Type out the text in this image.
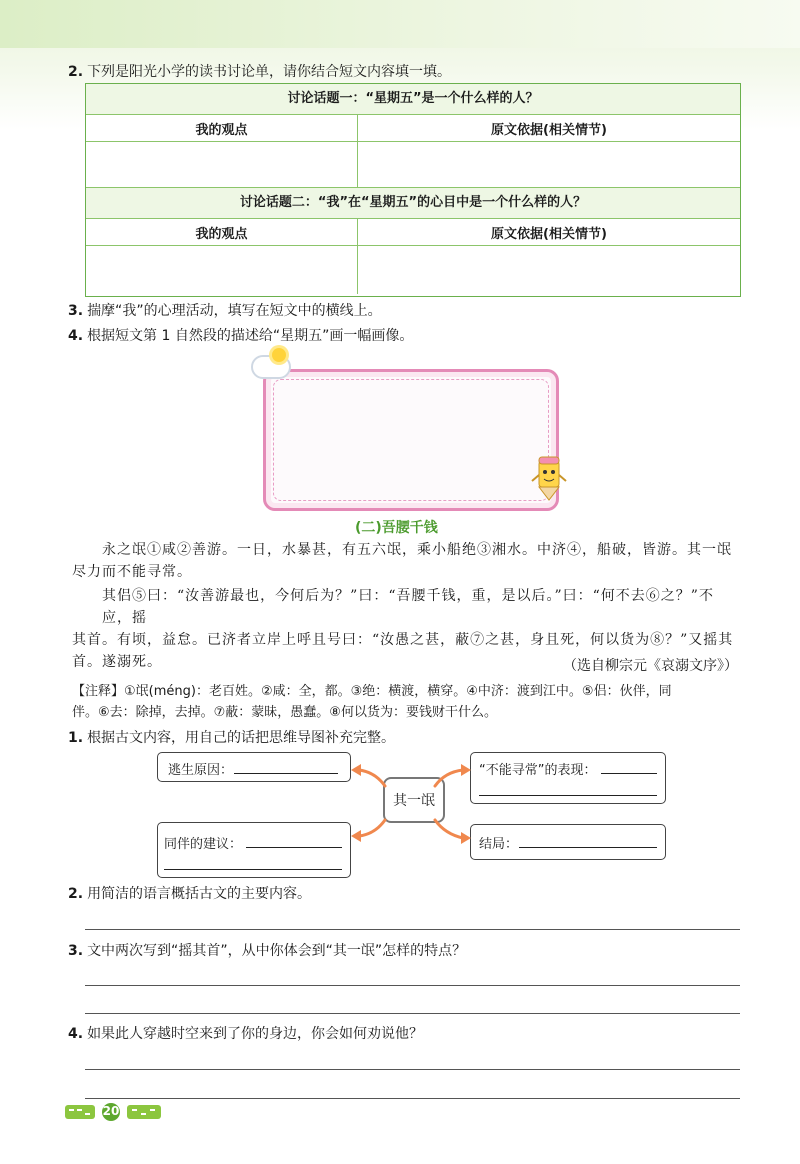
2. 下列是阳光小学的读书讨论单，请你结合短文内容填一填。
讨论话题一：“星期五”是一个什么样的人？
我的观点	原文依据(相关情节)
讨论话题二：“我”在“星期五”的心目中是一个什么样的人？
我的观点	原文依据(相关情节)
3. 揣摩“我”的心理活动，填写在短文中的横线上。
4. 根据短文第 1 自然段的描述给“星期五”画一幅画像。
(二)吾腰千钱
永之氓①咸②善游。一日，水暴甚，有五六氓，乘小船绝③湘水。中济④，船破，皆游。其一氓
尽力而不能寻常。
其侣⑤曰：“汝善游最也，今何后为？”曰：“吾腰千钱，重，是以后。”曰：“何不去⑥之？”不应，摇
其首。有顷，益怠。已济者立岸上呼且号曰：“汝愚之甚，蔽⑦之甚，身且死，何以货为⑧？”又摇其
首。遂溺死。	（选自柳宗元《哀溺文序》）
【注释】①氓(méng)：老百姓。②咸：全，都。③绝：横渡，横穿。④中济：渡到江中。⑤侣：伙伴，同
伴。⑥去：除掉，去掉。⑦蔽：蒙昧，愚蠢。⑧何以货为：要钱财干什么。
1. 根据古文内容，用自己的话把思维导图补充完整。
逃生原因：	“不能寻常”的表现：
其一氓
同伴的建议：	结局：
2. 用简洁的语言概括古文的主要内容。
3. 文中两次写到“摇其首”，从中你体会到“其一氓”怎样的特点？
4. 如果此人穿越时空来到了你的身边，你会如何劝说他？
20
